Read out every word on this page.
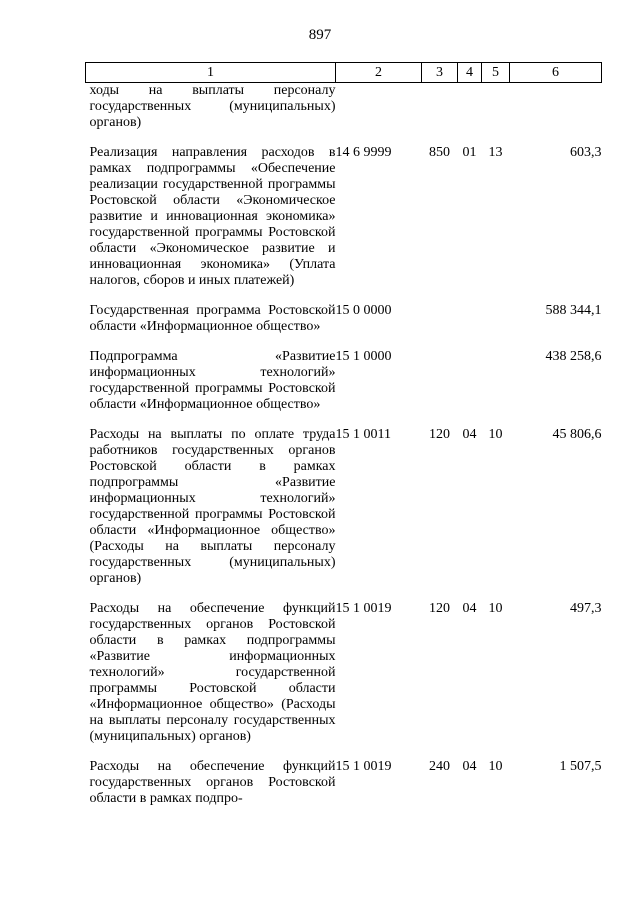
897
1	2	3	4	5	6
ходы на выплаты персоналу государственных (муниципальных) органов)					
Реализация направления расходов в рамках подпрограммы «Обеспечение реализации государственной программы Ростовской области «Экономическое развитие и инновационная экономика» государственной программы Ростовской области «Экономическое развитие и инновационная экономика» (Уплата налогов, сборов и иных платежей)	14 6 9999	850	01	13	603,3
Государственная программа Ростовской области «Информационное общество»	15 0 0000				588 344,1
Подпрограмма «Развитие информационных технологий» государственной программы Ростовской области «Информационное общество»	15 1 0000				438 258,6
Расходы на выплаты по оплате труда работников государственных органов Ростовской области в рамках подпрограммы «Развитие информационных технологий» государственной программы Ростовской области «Информационное общество» (Расходы на выплаты персоналу государственных (муниципальных) органов)	15 1 0011	120	04	10	45 806,6
Расходы на обеспечение функций государственных органов Ростовской области в рамках подпрограммы «Развитие информационных технологий» государственной программы Ростовской области «Информационное общество» (Расходы на выплаты персоналу государственных (муниципальных) органов)	15 1 0019	120	04	10	497,3
Расходы на обеспечение функций государственных органов Ростовской области в рамках подпро-	15 1 0019	240	04	10	1 507,5
